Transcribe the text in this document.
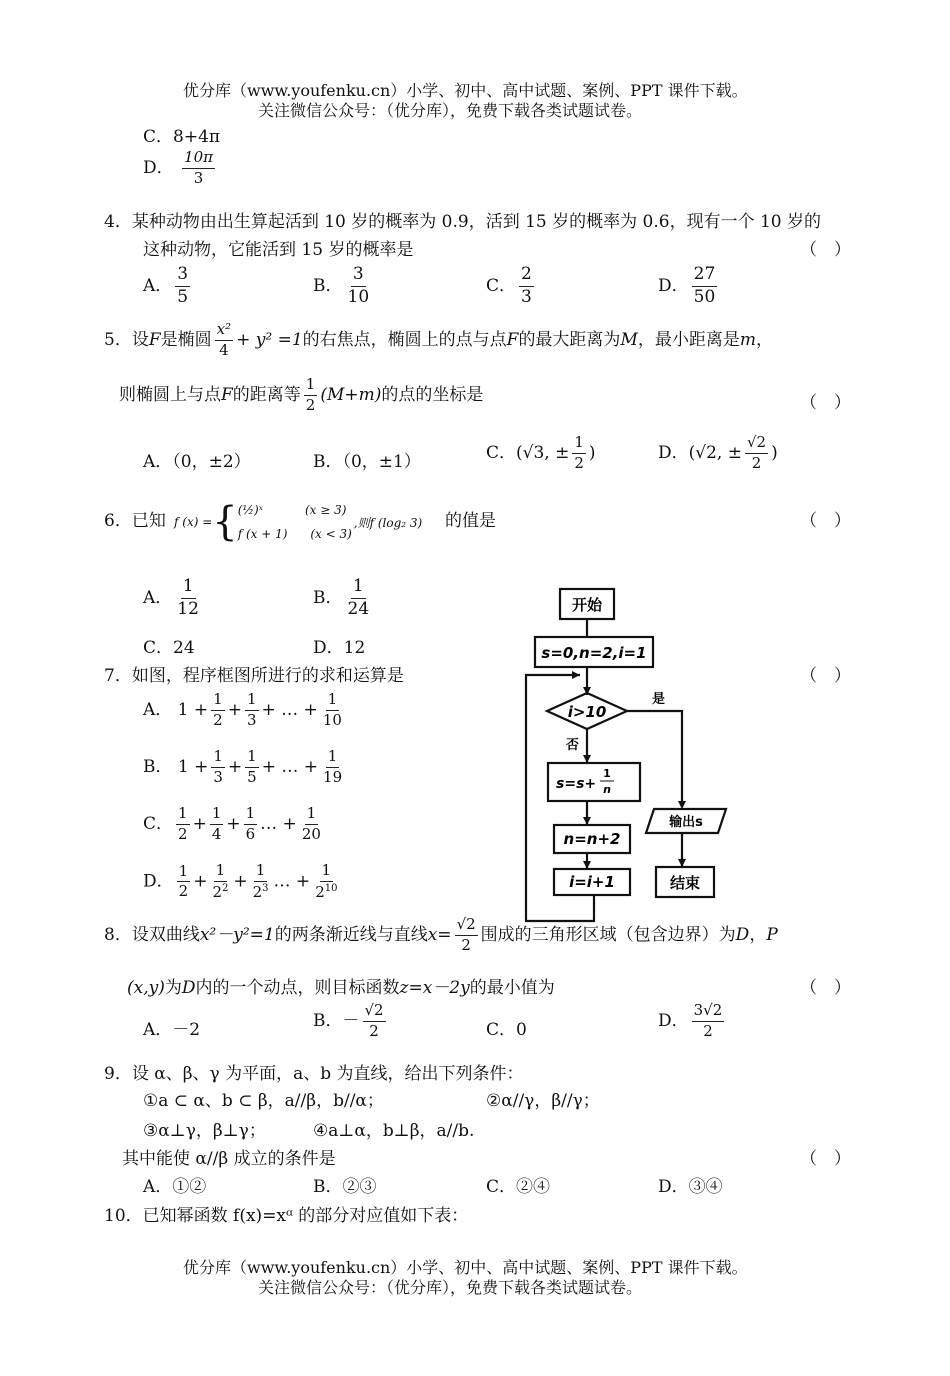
优分库（www.youfenku.cn）小学、初中、高中试题、案例、PPT 课件下载。
关注微信公众号：（优分库），免费下载各类试题试卷。
C．8+4π
D． $\frac{10\pi}{3}$
4．某种动物由出生算起活到 10 岁的概率为 0.9，活到 15 岁的概率为 0.6，现有一个 10 岁的
这种动物，它能活到 15 岁的概率是	（　）
A． $\frac{3}{5}$	B． $\frac{3}{10}$	C． $\frac{2}{3}$	D． $\frac{27}{50}$
5．设F是椭圆 $\frac{\text{x²}}{4} + y^2 =1$的右焦点，椭圆上的点与点F的最大距离为M，最小距离是m，
则椭圆上与点F的距离等 $\frac{1}{2} (M+m)$的点的坐标是	（　）
A．（0，±2）	B．（0，±1）	C．(√3, ± $\frac{1}{2}$ )	D．(√2, ± $\frac{√2}{2}$ )
6．已知 f (x) = { (½)ˣ	(x ≥ 3)
f (x + 1) (x < 3)
,则f (log₂ 3) 的值是	（　）
A． $\frac{1}{12}$	B． $\frac{1}{24}$
C．24	D．12
7．如图，程序框图所进行的求和运算是	（　）
A． $1 + \frac{1}{2} + \frac{1}{3}$ + … + $\frac{1}{10}$
B． $1 + \frac{1}{3} + \frac{1}{5}$ + … + $\frac{1}{19}$
C． $\frac{1}{2} + \frac{1}{4} + \frac{1}{6}$ … + $\frac{1}{20}$
D． $\frac{1}{2} + \frac{1}{2^2} + \frac{1}{2^3}$ … + $\frac{1}{2^{10}}$
开始
s=0,n=2,i=1
i>10
是
否
s=s+
1
n
n=n+2
i=i+1
输出s
结束
8．设双曲线x²－y²=1的两条渐近线与直线$x= \frac{√2}{2}$ 围成的三角形区域（包含边界）为D，P
(x,y)为D内的一个动点，则目标函数z=x－2y的最小值为	（　）
A．－2	B．－ $\frac{√2}{2}$	C．0	D． $\frac{3√2}{2}$
9．设 α、β、γ 为平面，a、b 为直线，给出下列条件：
①a ⊂ α、b ⊂ β，a//β，b//α；	②α//γ，β//γ；
③α⊥γ，β⊥γ；	④a⊥α，b⊥β，a//b.
其中能使 α//β 成立的条件是	（　）
A．①②	B．②③	C．②④	D．③④
10．已知幂函数 f(x)=xᵅ 的部分对应值如下表：
优分库（www.youfenku.cn）小学、初中、高中试题、案例、PPT 课件下载。
关注微信公众号：（优分库），免费下载各类试题试卷。
